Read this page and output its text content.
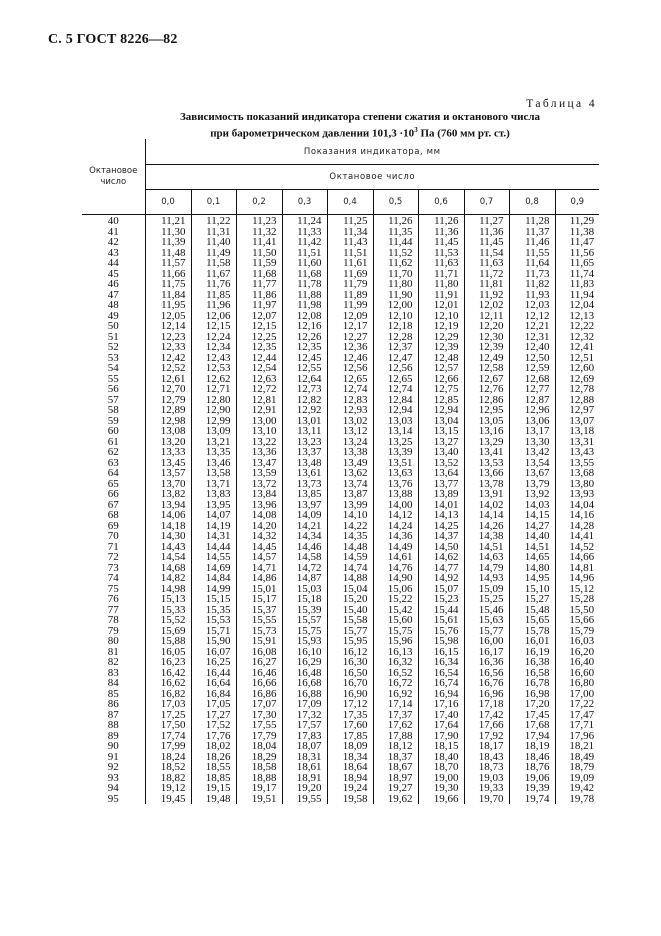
С. 5 ГОСТ 8226—82
Таблица 4
Зависимость показаний индикатора степени сжатия и октанового числа
при барометрическом давлении $101,3 \cdot 10^3$ Па (760 мм рт. ст.)
Октановое число	Показания индикатора, мм									
	Октановое число									
	0,0	0,1	0,2	0,3	0,4	0,5	0,6	0,7	0,8	0,9
40	11,21	11,22	11,23	11,24	11,25	11,26	11,26	11,27	11,28	11,29
41	11,30	11,31	11,32	11,33	11,34	11,35	11,36	11,36	11,37	11,38
42	11,39	11,40	11,41	11,42	11,43	11,44	11,45	11,45	11,46	11,47
43	11,48	11,49	11,50	11,51	11,51	11,52	11,53	11,54	11,55	11,56
44	11,57	11,58	11,59	11,60	11,61	11,62	11,63	11,63	11,64	11,65
45	11,66	11,67	11,68	11,68	11,69	11,70	11,71	11,72	11,73	11,74
46	11,75	11,76	11,77	11,78	11,79	11,80	11,80	11,81	11,82	11,83
47	11,84	11,85	11,86	11,88	11,89	11,90	11,91	11,92	11,93	11,94
48	11,95	11,96	11,97	11,98	11,99	12,00	12,01	12,02	12,03	12,04
49	12,05	12,06	12,07	12,08	12,09	12,10	12,10	12,11	12,12	12,13
50	12,14	12,15	12,15	12,16	12,17	12,18	12,19	12,20	12,21	12,22
51	12,23	12,24	12,25	12,26	12,27	12,28	12,29	12,30	12,31	12,32
52	12,33	12,34	12,35	12,35	12,36	12,37	12,39	12,39	12,40	12,41
53	12,42	12,43	12,44	12,45	12,46	12,47	12,48	12,49	12,50	12,51
54	12,52	12,53	12,54	12,55	12,56	12,56	12,57	12,58	12,59	12,60
55	12,61	12,62	12,63	12,64	12,65	12,65	12,66	12,67	12,68	12,69
56	12,70	12,71	12,72	12,73	12,74	12,74	12,75	12,76	12,77	12,78
57	12,79	12,80	12,81	12,82	12,83	12,84	12,85	12,86	12,87	12,88
58	12,89	12,90	12,91	12,92	12,93	12,94	12,94	12,95	12,96	12,97
59	12,98	12,99	13,00	13,01	13,02	13,03	13,04	13,05	13,06	13,07
60	13,08	13,09	13,10	13,11	13,12	13,14	13,15	13,16	13,17	13,18
61	13,20	13,21	13,22	13,23	13,24	13,25	13,27	13,29	13,30	13,31
62	13,33	13,35	13,36	13,37	13,38	13,39	13,40	13,41	13,42	13,43
63	13,45	13,46	13,47	13,48	13,49	13,51	13,52	13,53	13,54	13,55
64	13,57	13,58	13,59	13,61	13,62	13,63	13,64	13,66	13,67	13,68
65	13,70	13,71	13,72	13,73	13,74	13,76	13,77	13,78	13,79	13,80
66	13,82	13,83	13,84	13,85	13,87	13,88	13,89	13,91	13,92	13,93
67	13,94	13,95	13,96	13,97	13,99	14,00	14,01	14,02	14,03	14,04
68	14,06	14,07	14,08	14,09	14,10	14,12	14,13	14,14	14,15	14,16
69	14,18	14,19	14,20	14,21	14,22	14,24	14,25	14,26	14,27	14,28
70	14,30	14,31	14,32	14,34	14,35	14,36	14,37	14,38	14,40	14,41
71	14,43	14,44	14,45	14,46	14,48	14,49	14,50	14,51	14,51	14,52
72	14,54	14,55	14,57	14,58	14,59	14,61	14,62	14,63	14,65	14,66
73	14,68	14,69	14,71	14,72	14,74	14,76	14,77	14,79	14,80	14,81
74	14,82	14,84	14,86	14,87	14,88	14,90	14,92	14,93	14,95	14,96
75	14,98	14,99	15,01	15,03	15,04	15,06	15,07	15,09	15,10	15,12
76	15,13	15,15	15,17	15,18	15,20	15,22	15,23	15,25	15,27	15,28
77	15,33	15,35	15,37	15,39	15,40	15,42	15,44	15,46	15,48	15,50
78	15,52	15,53	15,55	15,57	15,58	15,60	15,61	15,63	15,65	15,66
79	15,69	15,71	15,73	15,75	15,77	15,75	15,76	15,77	15,78	15,79
80	15,88	15,90	15,91	15,93	15,95	15,96	15,98	16,00	16,01	16,03
81	16,05	16,07	16,08	16,10	16,12	16,13	16,15	16,17	16,19	16,20
82	16,23	16,25	16,27	16,29	16,30	16,32	16,34	16,36	16,38	16,40
83	16,42	16,44	16,46	16,48	16,50	16,52	16,54	16,56	16,58	16,60
84	16,62	16,64	16,66	16,68	16,70	16,72	16,74	16,76	16,78	16,80
85	16,82	16,84	16,86	16,88	16,90	16,92	16,94	16,96	16,98	17,00
86	17,03	17,05	17,07	17,09	17,12	17,14	17,16	17,18	17,20	17,22
87	17,25	17,27	17,30	17,32	17,35	17,37	17,40	17,42	17,45	17,47
88	17,50	17,52	17,55	17,57	17,60	17,62	17,64	17,66	17,68	17,71
89	17,74	17,76	17,79	17,83	17,85	17,88	17,90	17,92	17,94	17,96
90	17,99	18,02	18,04	18,07	18,09	18,12	18,15	18,17	18,19	18,21
91	18,24	18,26	18,29	18,31	18,34	18,37	18,40	18,43	18,46	18,49
92	18,52	18,55	18,58	18,61	18,64	18,67	18,70	18,73	18,76	18,79
93	18,82	18,85	18,88	18,91	18,94	18,97	19,00	19,03	19,06	19,09
94	19,12	19,15	19,17	19,20	19,24	19,27	19,30	19,33	19,39	19,42
95	19,45	19,48	19,51	19,55	19,58	19,62	19,66	19,70	19,74	19,78
